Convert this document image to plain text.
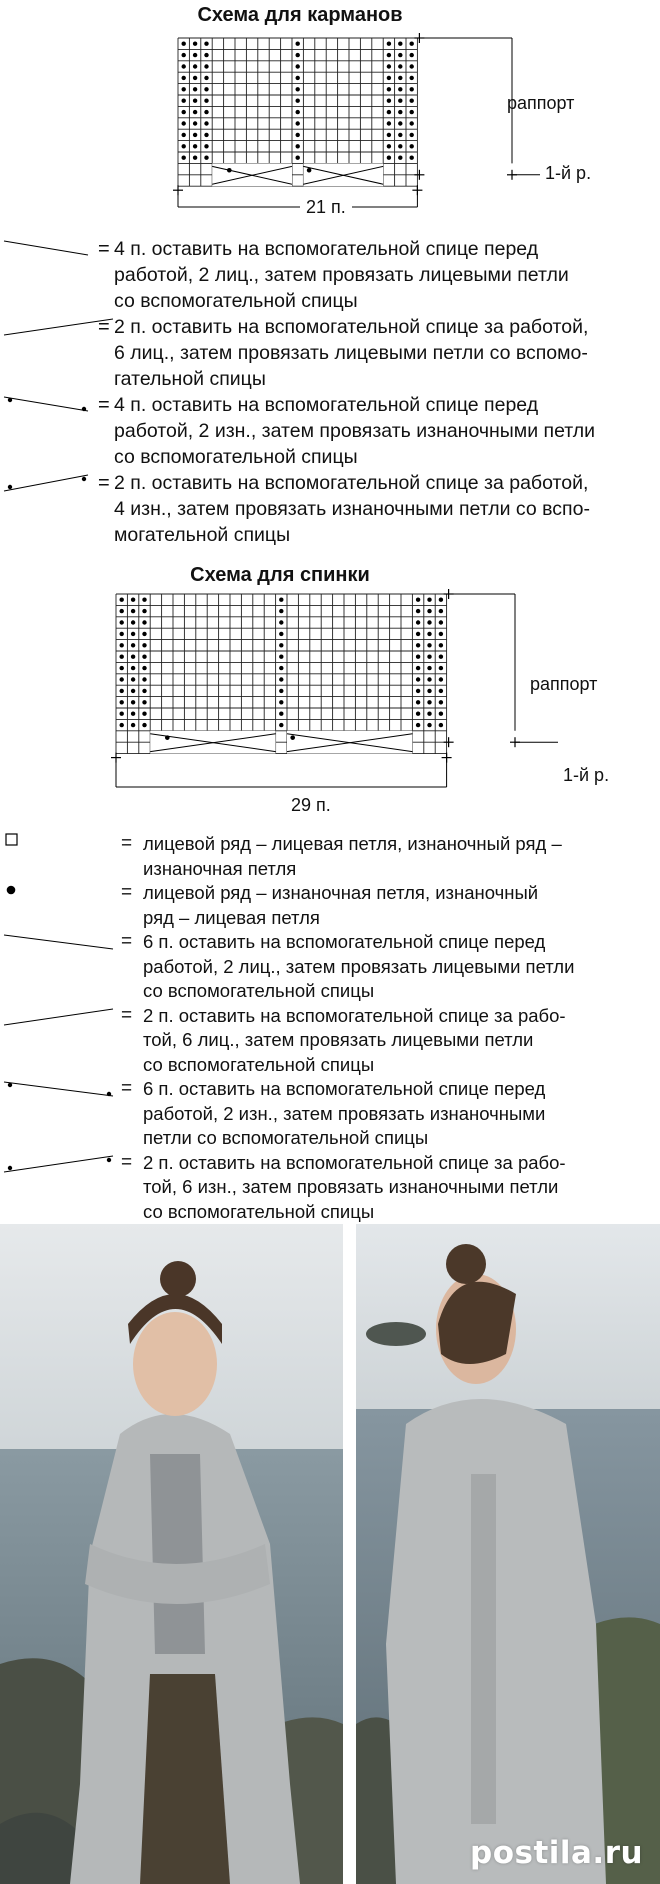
Схема для карманов
21 п.
раппорт
1-й р.
= 4 п. оставить на вспомогательной спице перед
работой, 2 лиц., затем провязать лицевыми петли
со вспомогательной спицы
= 2 п. оставить на вспомогательной спице за работой,
6 лиц., затем провязать лицевыми петли со вспомо-
гательной спицы
= 4 п. оставить на вспомогательной спице перед
работой, 2 изн., затем провязать изнаночными петли
со вспомогательной спицы
= 2 п. оставить на вспомогательной спице за работой,
4 изн., затем провязать изнаночными петли со вспо-
могательной спицы
Схема для спинки
29 п.
раппорт
1-й р.
= лицевой ряд – лицевая петля, изнаночный ряд –
изнаночная петля
= лицевой ряд – изнаночная петля, изнаночный
ряд – лицевая петля
= 6 п. оставить на вспомогательной спице перед
работой, 2 лиц., затем провязать лицевыми петли
со вспомогательной спицы
= 2 п. оставить на вспомогательной спице за рабо-
той, 6 лиц., затем провязать лицевыми петли
со вспомогательной спицы
= 6 п. оставить на вспомогательной спице перед
работой, 2 изн., затем провязать изнаночными
петли со вспомогательной спицы
= 2 п. оставить на вспомогательной спице за рабо-
той, 6 изн., затем провязать изнаночными петли
со вспомогательной спицы
postila.ru
